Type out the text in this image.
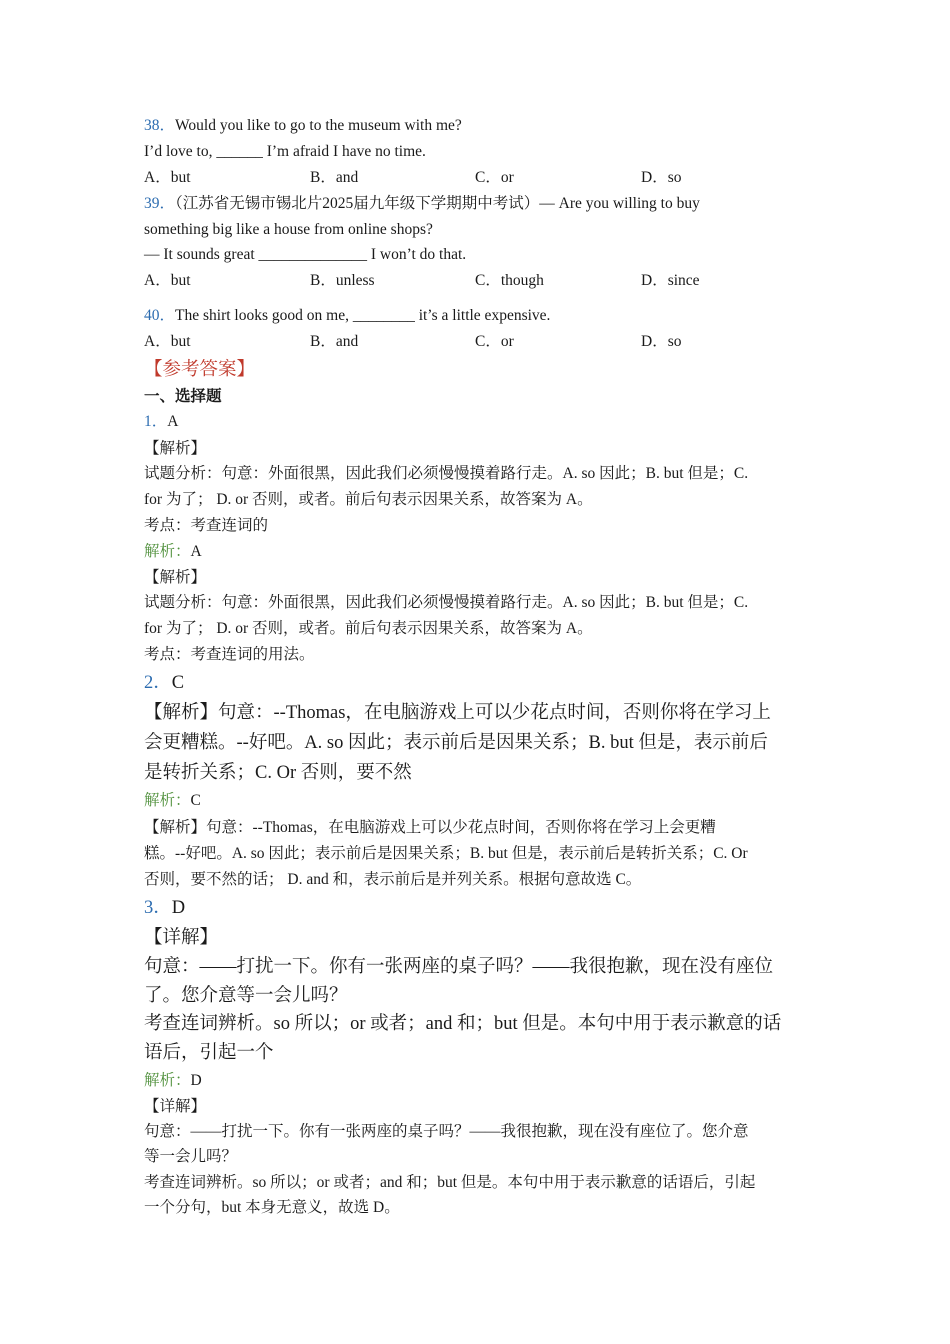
38．Would you like to go to the museum with me?
I’d love to, ______ I’m afraid I have no time.
A．but	B．and	C．or	D．so
39．（江苏省无锡市锡北片2025届九年级下学期期中考试）— Are you willing to buy
something big like a house from online shops?
— It sounds great ______________ I won’t do that.
A．but	B．unless	C．though	D．since
40．The shirt looks good on me, ________ it’s a little expensive.
A．but	B．and	C．or	D．so
【参考答案】
一、选择题
1．A
【解析】
试题分析：句意：外面很黑，因此我们必须慢慢摸着路行走。A. so 因此；B. but 但是；C.
for 为了； D. or 否则，或者。前后句表示因果关系，故答案为 A。
考点：考查连词的
解析：A
【解析】
试题分析：句意：外面很黑，因此我们必须慢慢摸着路行走。A. so 因此；B. but 但是；C.
for 为了； D. or 否则，或者。前后句表示因果关系，故答案为 A。
考点：考查连词的用法。
2．C
【解析】句意：--Thomas，在电脑游戏上可以少花点时间，否则你将在学习上
会更糟糕。--好吧。A. so 因此；表示前后是因果关系；B. but 但是，表示前后
是转折关系；C. Or 否则，要不然
解析：C
【解析】句意：--Thomas，在电脑游戏上可以少花点时间，否则你将在学习上会更糟
糕。--好吧。A. so 因此；表示前后是因果关系；B. but 但是，表示前后是转折关系；C. Or
否则，要不然的话； D. and 和，表示前后是并列关系。根据句意故选 C。
3．D
【详解】
句意：——打扰一下。你有一张两座的桌子吗？——我很抱歉，现在没有座位
了。您介意等一会儿吗？
考查连词辨析。so 所以；or 或者；and 和；but 但是。本句中用于表示歉意的话
语后，引起一个
解析：D
【详解】
句意：——打扰一下。你有一张两座的桌子吗？——我很抱歉，现在没有座位了。您介意
等一会儿吗？
考查连词辨析。so 所以；or 或者；and 和；but 但是。本句中用于表示歉意的话语后，引起
一个分句，but 本身无意义，故选 D。
